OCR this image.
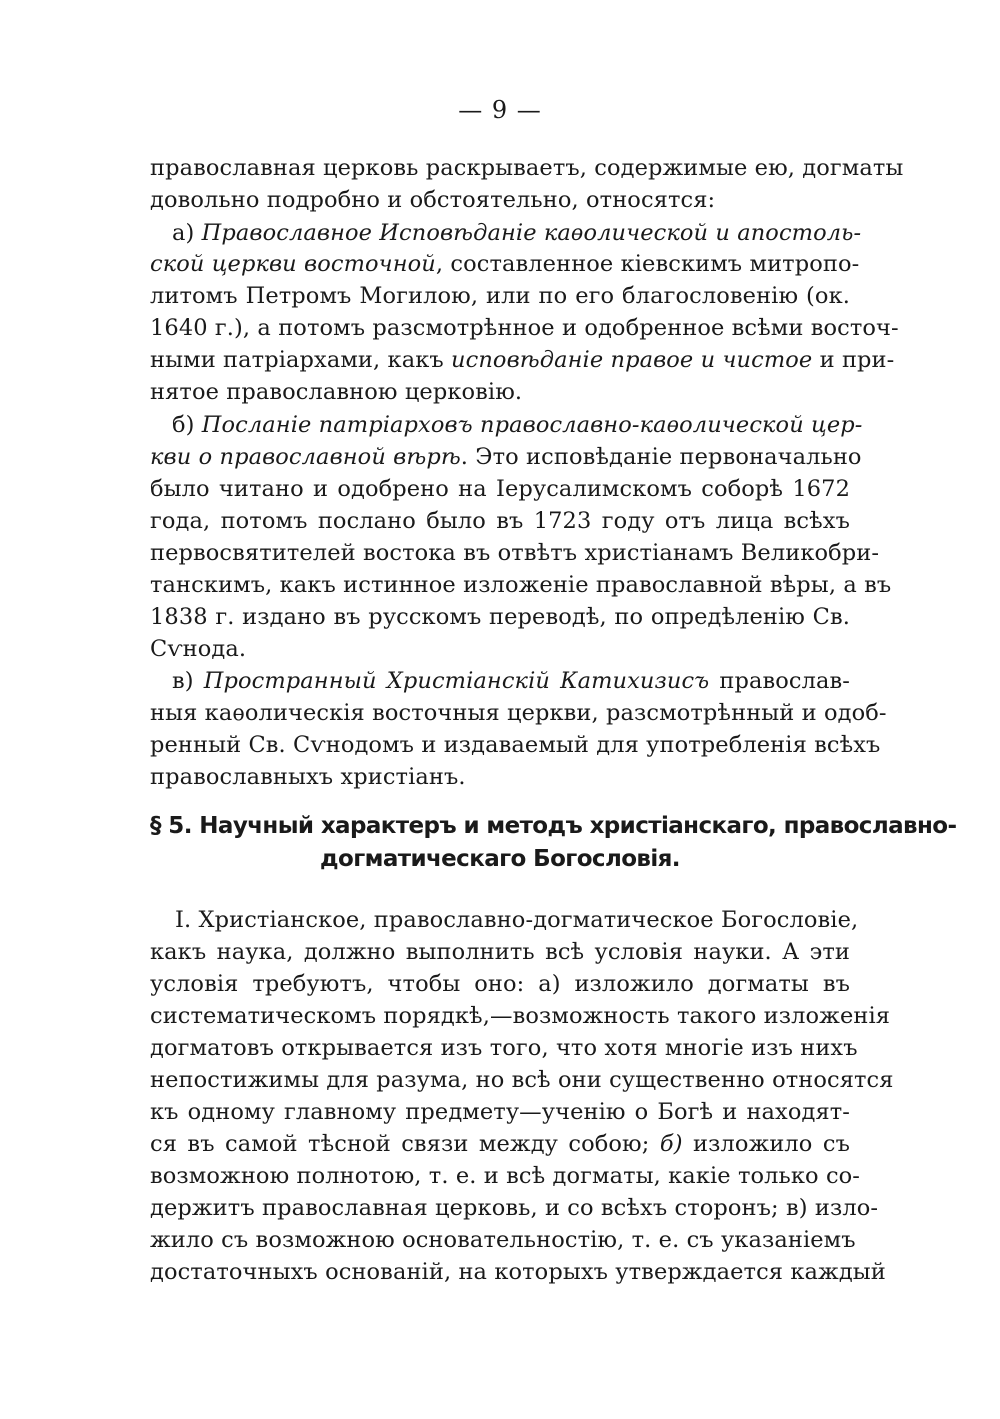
— 9 —
православная церковь раскрываетъ, содержимые ею, догматы
довольно подробно и обстоятельно, относятся:
а) Православное Исповѣданіе каѳолической и апостоль-
ской церкви восточной, составленное кіевскимъ митропо-
литомъ Петромъ Могилою, или по его благословенію (ок.
1640 г.), а потомъ разсмотрѣнное и одобренное всѣми восточ-
ными патріархами, какъ исповѣданіе правое и чистое и при-
нятое православною церковію.
б) Посланіе патріарховъ православно-каѳолической цер-
кви о православной вѣрѣ. Это исповѣданіе первоначально
было читано и одобрено на Іерусалимскомъ соборѣ 1672
года, потомъ послано было въ 1723 году отъ лица всѣхъ
первосвятителей востока въ отвѣтъ христіанамъ Великобри-
танскимъ, какъ истинное изложеніе православной вѣры, а въ
1838 г. издано въ русскомъ переводѣ, по опредѣленію Св.
Сѵнода.
в) Пространный Христіанскій Катихизисъ православ-
ныя каѳолическія восточныя церкви, разсмотрѣнный и одоб-
ренный Св. Сѵнодомъ и издаваемый для употребленія всѣхъ
православныхъ христіанъ.
§ 5. Научный характеръ и методъ христіанскаго, православно-
догматическаго Богословія.
І. Христіанское, православно-догматическое Богословіе,
какъ наука, должно выполнить всѣ условія науки. А эти
условія требуютъ, чтобы оно: а) изложило догматы въ
систематическомъ порядкѣ,—возможность такого изложенія
догматовъ открывается изъ того, что хотя многіе изъ нихъ
непостижимы для разума, но всѣ они существенно относятся
къ одному главному предмету—ученію о Богѣ и находят-
ся въ самой тѣсной связи между собою; б) изложило съ
возможною полнотою, т. е. и всѣ догматы, какіе только со-
держитъ православная церковь, и со всѣхъ сторонъ; в) изло-
жило съ возможною основательностію, т. е. съ указаніемъ
достаточныхъ основаній, на которыхъ утверждается каждый
